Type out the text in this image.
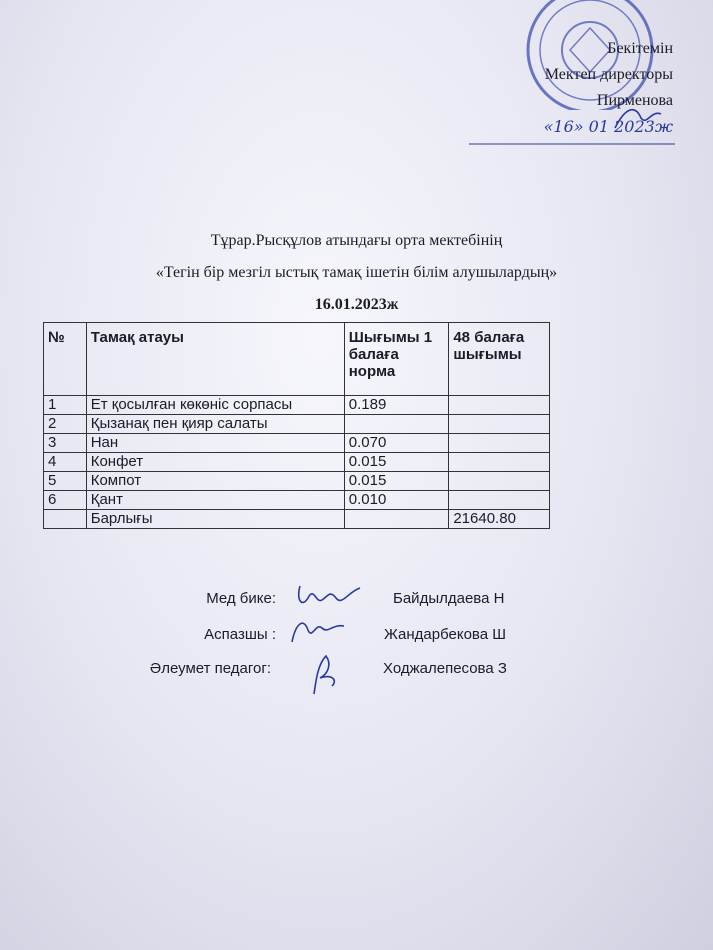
Бекітемін
Мектеп директоры
Пирменова
«16» 01 2023ж
Тұрар.Рысқұлов атындағы орта мектебінің
«Тегін бір мезгіл ыстық тамақ ішетін білім алушылардың»
16.01.2023ж
№	Тамақ атауы	Шығымы 1 балаға норма	48 балаға шығымы
1	Ет қосылған көкөніс сорпасы	0.189	
2	Қызанақ пен қияр салаты		
3	Нан	0.070	
4	Конфет	0.015	
5	Компот	0.015	
6	Қант	0.010	
	Барлығы		21640.80
Мед бике:	Байдылдаева Н
Аспазшы :	Жандарбекова Ш
Әлеумет педагог:	Ходжалепесова З
